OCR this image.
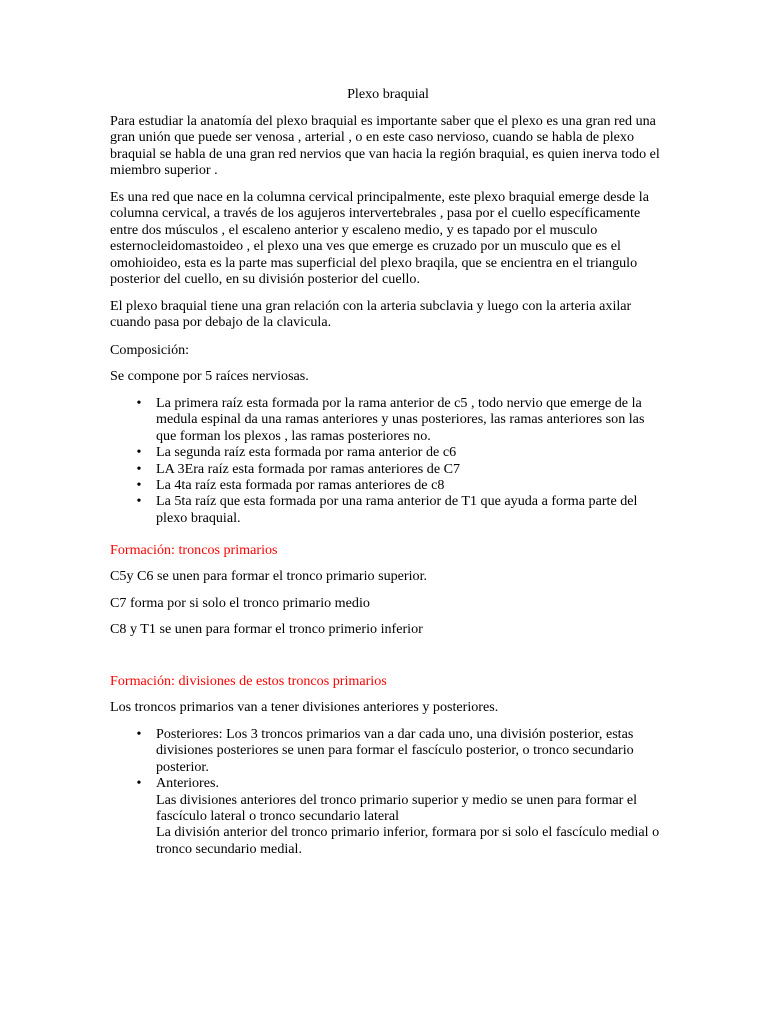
Plexo braquial

Para estudiar la anatomía del plexo braquial es importante saber que el plexo es una gran red una gran unión que puede ser venosa , arterial , o en este caso nervioso, cuando se habla de plexo braquial se habla de una gran red nervios que van hacia la región braquial, es quien inerva todo el miembro superior .

Es una red que nace en la columna cervical principalmente, este plexo braquial emerge desde la columna cervical, a través de los agujeros intervertebrales , pasa por el cuello específicamente entre dos músculos , el escaleno anterior y escaleno medio, y es tapado por el musculo esternocleidomastoideo , el plexo una ves que emerge es cruzado por un musculo que es el omohioideo, esta es la parte mas superficial del plexo braqila, que se encientra en el triangulo posterior del cuello, en su división posterior del cuello.

El plexo braquial tiene una gran relación con la arteria subclavia y luego con la arteria axilar cuando pasa por debajo de la clavicula.

Composición:

Se compone por 5 raíces nerviosas.

• La primera raíz esta formada por la rama anterior de c5 , todo nervio que emerge de la medula espinal da una ramas anteriores y unas posteriores, las ramas anteriores son las que forman los plexos , las ramas posteriores no.
• La segunda raíz esta formada por rama anterior de c6
• LA 3Era raíz esta formada por ramas anteriores de C7
• La 4ta raíz esta formada por ramas anteriores de c8
• La 5ta raíz que esta formada por una rama anterior de T1 que ayuda a forma parte del plexo braquial.

Formación: troncos primarios

C5y C6 se unen para formar el tronco primario superior.

C7 forma por si solo el tronco primario medio

C8 y T1 se unen para formar el tronco primerio inferior

Formación: divisiones de estos troncos primarios

Los troncos primarios van a tener divisiones anteriores y posteriores.

• Posteriores: Los 3 troncos primarios van a dar cada uno, una división posterior, estas divisiones posteriores se unen para formar el fascículo posterior, o tronco secundario posterior.
• Anteriores.
Las divisiones anteriores del tronco primario superior y medio se unen para formar el fascículo lateral o tronco secundario lateral
La división anterior del tronco primario inferior, formara por si solo el fascículo medial o tronco secundario medial.
